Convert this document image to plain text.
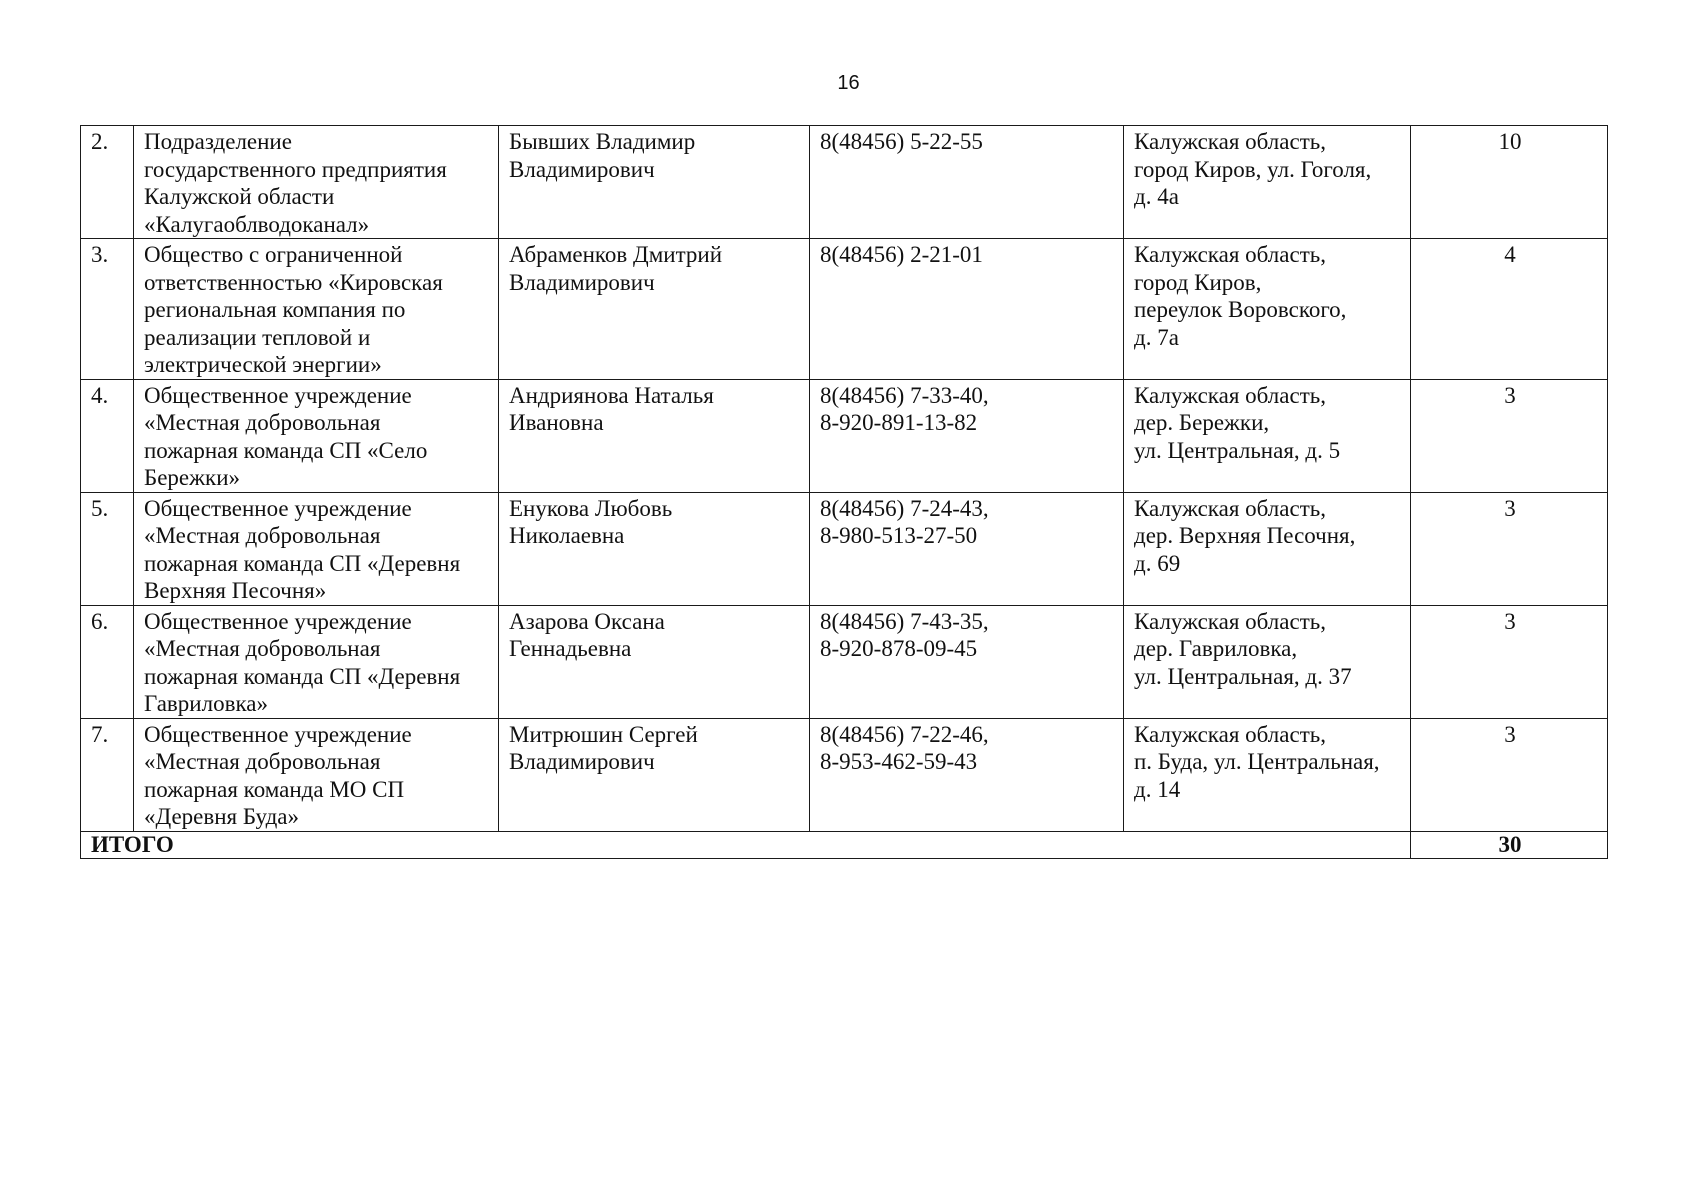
16
2.	Подразделение
государственного предприятия
Калужской области
«Калугаоблводоканал»	Бывших Владимир
Владимирович	8(48456) 5-22-55	Калужская область,
город Киров, ул. Гоголя,
д. 4а	10
3.	Общество с ограниченной
ответственностью «Кировская
региональная компания по
реализации тепловой и
электрической энергии»	Абраменков Дмитрий
Владимирович	8(48456) 2-21-01	Калужская область,
город Киров,
переулок Воровского,
д. 7а	4
4.	Общественное учреждение
«Местная добровольная
пожарная команда СП «Село
Бережки»	Андриянова Наталья
Ивановна	8(48456) 7-33-40,
8-920-891-13-82	Калужская область,
дер. Бережки,
ул. Центральная, д. 5	3
5.	Общественное учреждение
«Местная добровольная
пожарная команда СП «Деревня
Верхняя Песочня»	Енукова Любовь
Николаевна	8(48456) 7-24-43,
8-980-513-27-50	Калужская область,
дер. Верхняя Песочня,
д. 69	3
6.	Общественное учреждение
«Местная добровольная
пожарная команда СП «Деревня
Гавриловка»	Азарова Оксана
Геннадьевна	8(48456) 7-43-35,
8-920-878-09-45	Калужская область,
дер. Гавриловка,
ул. Центральная, д. 37	3
7.	Общественное учреждение
«Местная добровольная
пожарная команда МО СП
«Деревня Буда»	Митрюшин Сергей
Владимирович	8(48456) 7-22-46,
8-953-462-59-43	Калужская область,
п. Буда, ул. Центральная,
д. 14	3
ИТОГО					30
